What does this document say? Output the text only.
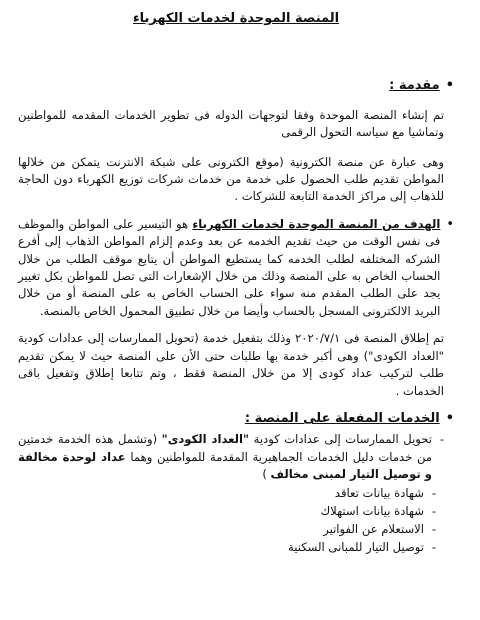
المنصة الموحدة لخدمات الكهرباء
•
مقدمة :

تم إنشاء المنصة الموحدة وفقا لتوجهات الدوله فى تطوير الخدمات المقدمه للمواطنين وتماشيا مع سياسه التحول الرقمى

وهى عبارة عن منصة الكترونية (موقع الكترونى على شبكة الانترنت يتمكن من خلالها المواطن تقديم طلب الحصول على خدمة من خدمات شركات توزيع الكهرباء دون الحاجة للذهاب إلى مراكز الخدمة التابعة للشركات .

•

الهدف من المنصة الموحدة لخدمات الكهرباء هو التيسير على المواطن والموظف فى نفس الوقت من حيث تقديم الخدمه عن بعد وعدم إلزام المواطن الذهاب إلى أفرع الشركه المختلفه لطلب الخدمه كما يستطيع المواطن أن يتابع موقف الطلب من خلال الحساب الخاص به على المنصة وذلك من خلال الإشعارات التى تصل للمواطن بكل تغيير يجد على الطلب المقدم منه سواء على الحساب الخاص به على المنصة أو من خلال البريد الالكترونى المسجل بالحساب وأيضا من خلال تطبيق المحمول الخاص بالمنصة.

تم إطلاق المنصة فى ٢٠٢٠/٧/١ وذلك بتفعيل خدمة (تحويل الممارسات إلى عدادات كودية "العداد الكودى") وهى أكبر خدمة بها طلبات حتى الأن على المنصة حيث لا يمكن تقديم طلب لتركيب عداد كودى إلا من خلال المنصة فقط ، وتم تتابعا إطلاق وتفعيل باقى الخدمات .

•
الخدمات المفعلة على المنصة :
-
تحويل الممارسات إلى عدادات كودية "العداد الكودى" (وتشمل هذه الخدمة خدمتين من خدمات دليل الخدمات الجماهيرية المقدمة للمواطنين وهما عداد لوحدة مخالفة و توصيل التيار لمبنى مخالف )
-
شهادة بيانات تعاقد
-
شهادة بيانات استهلاك
-
الاستعلام عن الفواتير
-
توصيل التيار للمبانى السكنية
